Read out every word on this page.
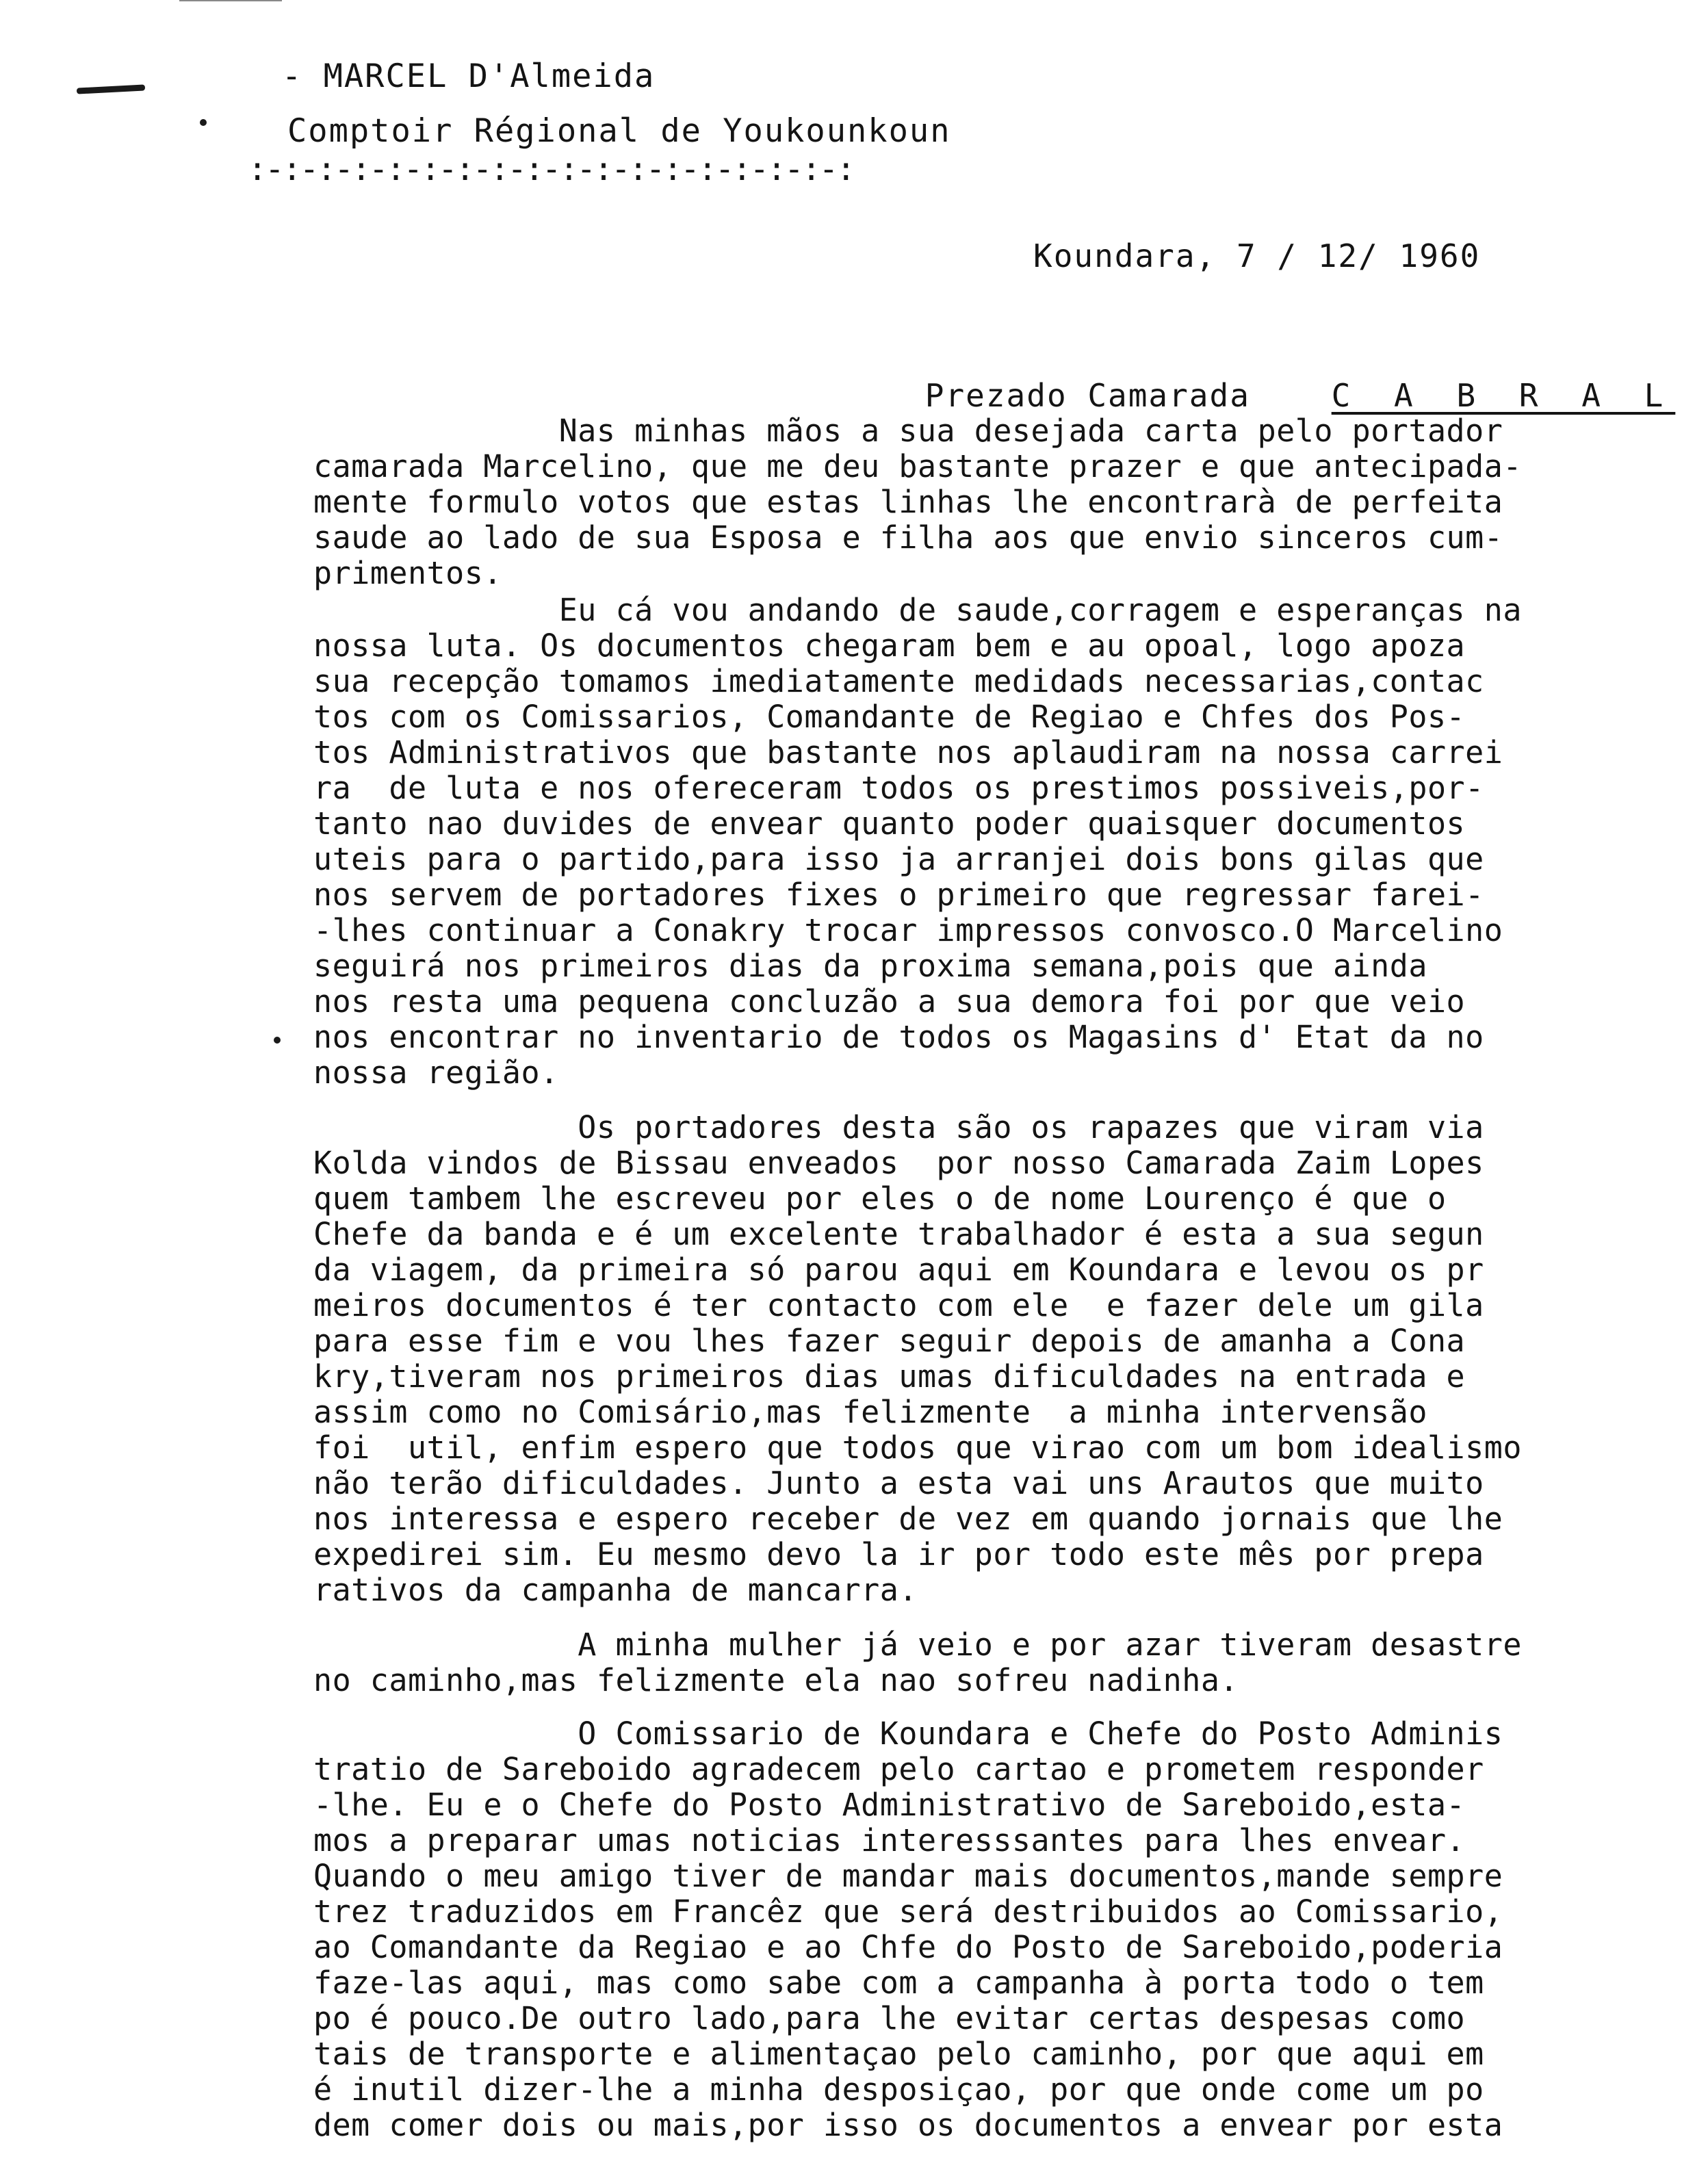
- MARCEL D'Almeida
Comptoir Régional de Youkounkoun
:-:-:-:-:-:-:-:-:-:-:-:-:-:-:-:-:-:
Koundara, 7 / 12/ 1960

Prezado Camarada	C A B R A L

Nas minhas mãos a sua desejada carta pelo portador
camarada Marcelino, que me deu bastante prazer e que antecipada-
mente formulo votos que estas linhas lhe encontrarà de perfeita
saude ao lado de sua Esposa e filha aos que envio sinceros cum-
primentos.
Eu cá vou andando de saude,corragem e esperanças na
nossa luta. Os documentos chegaram bem e au opoal, logo apoza
sua recepção tomamos imediatamente medidads necessarias,contac
tos com os Comissarios, Comandante de Regiao e Chfes dos Pos-
tos Administrativos que bastante nos aplaudiram na nossa carrei
ra  de luta e nos ofereceram todos os prestimos possiveis,por-
tanto nao duvides de envear quanto poder quaisquer documentos
uteis para o partido,para isso ja arranjei dois bons gilas que
nos servem de portadores fixes o primeiro que regressar farei-
-lhes continuar a Conakry trocar impressos convosco.O Marcelino
seguirá nos primeiros dias da proxima semana,pois que ainda
nos resta uma pequena concluzão a sua demora foi por que veio
nos encontrar no inventario de todos os Magasins d' Etat da no
nossa região.
Os portadores desta são os rapazes que viram via
Kolda vindos de Bissau enveados  por nosso Camarada Zaim Lopes
quem tambem lhe escreveu por eles o de nome Lourenço é que o
Chefe da banda e é um excelente trabalhador é esta a sua segun
da viagem, da primeira só parou aqui em Koundara e levou os pr
meiros documentos é ter contacto com ele  e fazer dele um gila
para esse fim e vou lhes fazer seguir depois de amanha a Cona
kry,tiveram nos primeiros dias umas dificuldades na entrada e
assim como no Comisário,mas felizmente  a minha intervensão
foi  util, enfim espero que todos que virao com um bom idealismo
não terão dificuldades. Junto a esta vai uns Arautos que muito
nos interessa e espero receber de vez em quando jornais que lhe
expedirei sim. Eu mesmo devo la ir por todo este mês por prepa
rativos da campanha de mancarra.
A minha mulher já veio e por azar tiveram desastre
no caminho,mas felizmente ela nao sofreu nadinha.
O Comissario de Koundara e Chefe do Posto Adminis
tratio de Sareboido agradecem pelo cartao e prometem responder
-lhe. Eu e o Chefe do Posto Administrativo de Sareboido,esta-
mos a preparar umas noticias interesssantes para lhes envear.
Quando o meu amigo tiver de mandar mais documentos,mande sempre
trez traduzidos em Francêz que será destribuidos ao Comissario,
ao Comandante da Regiao e ao Chfe do Posto de Sareboido,poderia
faze-las aqui, mas como sabe com a campanha à porta todo o tem
po é pouco.De outro lado,para lhe evitar certas despesas como
tais de transporte e alimentaçao pelo caminho, por que aqui em
é inutil dizer-lhe a minha desposiçao, por que onde come um po
dem comer dois ou mais,por isso os documentos a envear por esta
